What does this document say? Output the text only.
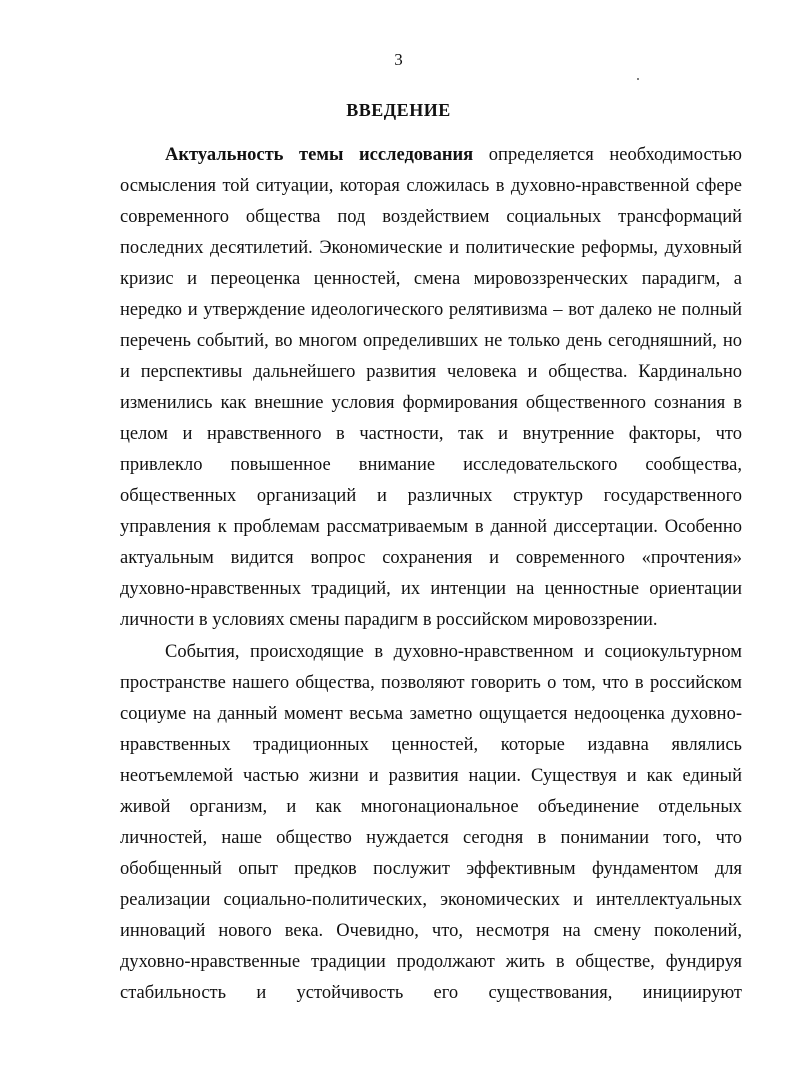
3
ВВЕДЕНИЕ
Актуальность темы исследования определяется необходимостью
осмысления той ситуации, которая сложилась в духовно-нравственной сфере
современного общества под воздействием социальных трансформаций
последних десятилетий. Экономические и политические реформы, духовный
кризис и переоценка ценностей, смена мировоззренческих парадигм, а
нередко и утверждение идеологического релятивизма – вот далеко не полный
перечень событий, во многом определивших не только день сегодняшний, но
и перспективы дальнейшего развития человека и общества. Кардинально
изменились как внешние условия формирования общественного сознания в
целом и нравственного в частности, так и внутренние факторы, что
привлекло повышенное внимание исследовательского сообщества,
общественных организаций и различных структур государственного
управления к проблемам рассматриваемым в данной диссертации. Особенно
актуальным видится вопрос сохранения и современного «прочтения»
духовно-нравственных традиций, их интенции на ценностные ориентации
личности в условиях смены парадигм в российском мировоззрении.
События, происходящие в духовно-нравственном и социокультурном
пространстве нашего общества, позволяют говорить о том, что в российском
социуме на данный момент весьма заметно ощущается недооценка духовно-
нравственных традиционных ценностей, которые издавна являлись
неотъемлемой частью жизни и развития нации. Существуя и как единый
живой организм, и как многонациональное объединение отдельных
личностей, наше общество нуждается сегодня в понимании того, что
обобщенный опыт предков послужит эффективным фундаментом для
реализации социально-политических, экономических и интеллектуальных
инноваций нового века. Очевидно, что, несмотря на смену поколений,
духовно-нравственные традиции продолжают жить в обществе, фундируя
стабильность и устойчивость его существования, инициируют
